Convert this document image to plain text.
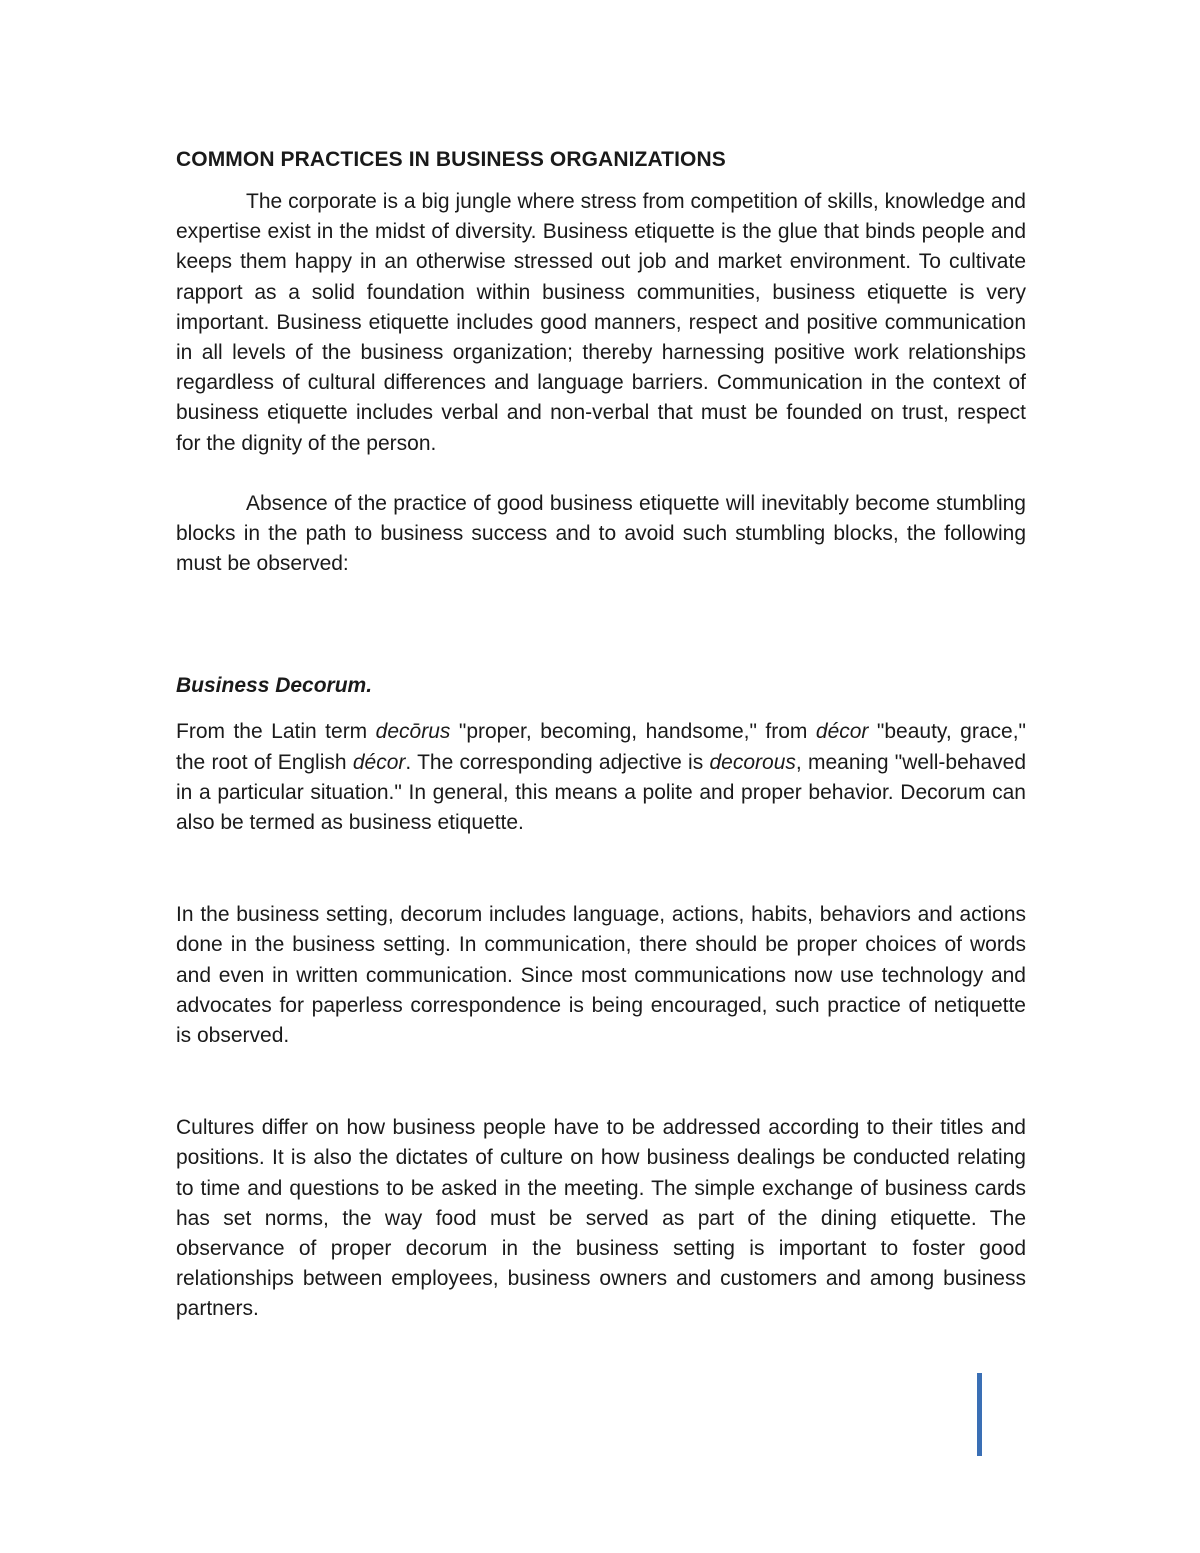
COMMON PRACTICES IN BUSINESS ORGANIZATIONS

The corporate is a big jungle where stress from competition of skills, knowledge and expertise exist in the midst of diversity. Business etiquette is the glue that binds people and keeps them happy in an otherwise stressed out job and market environment. To cultivate rapport as a solid foundation within business communities, business etiquette is very important. Business etiquette includes good manners, respect and positive communication in all levels of the business organization; thereby harnessing positive work relationships regardless of cultural differences and language barriers. Communication in the context of business etiquette includes verbal and non-verbal that must be founded on trust, respect for the dignity of the person.

Absence of the practice of good business etiquette will inevitably become stumbling blocks in the path to business success and to avoid such stumbling blocks, the following must be observed:

Business Decorum.

From the Latin term decōrus "proper, becoming, handsome," from décor "beauty, grace," the root of English décor. The corresponding adjective is decorous, meaning "well-behaved in a particular situation." In general, this means a polite and proper behavior. Decorum can also be termed as business etiquette.

In the business setting, decorum includes language, actions, habits, behaviors and actions done in the business setting. In communication, there should be proper choices of words and even in written communication. Since most communications now use technology and advocates for paperless correspondence is being encouraged, such practice of netiquette is observed.

Cultures differ on how business people have to be addressed according to their titles and positions. It is also the dictates of culture on how business dealings be conducted relating to time and questions to be asked in the meeting. The simple exchange of business cards has set norms, the way food must be served as part of the dining etiquette. The observance of proper decorum in the business setting is important to foster good relationships between employees, business owners and customers and among business partners.
